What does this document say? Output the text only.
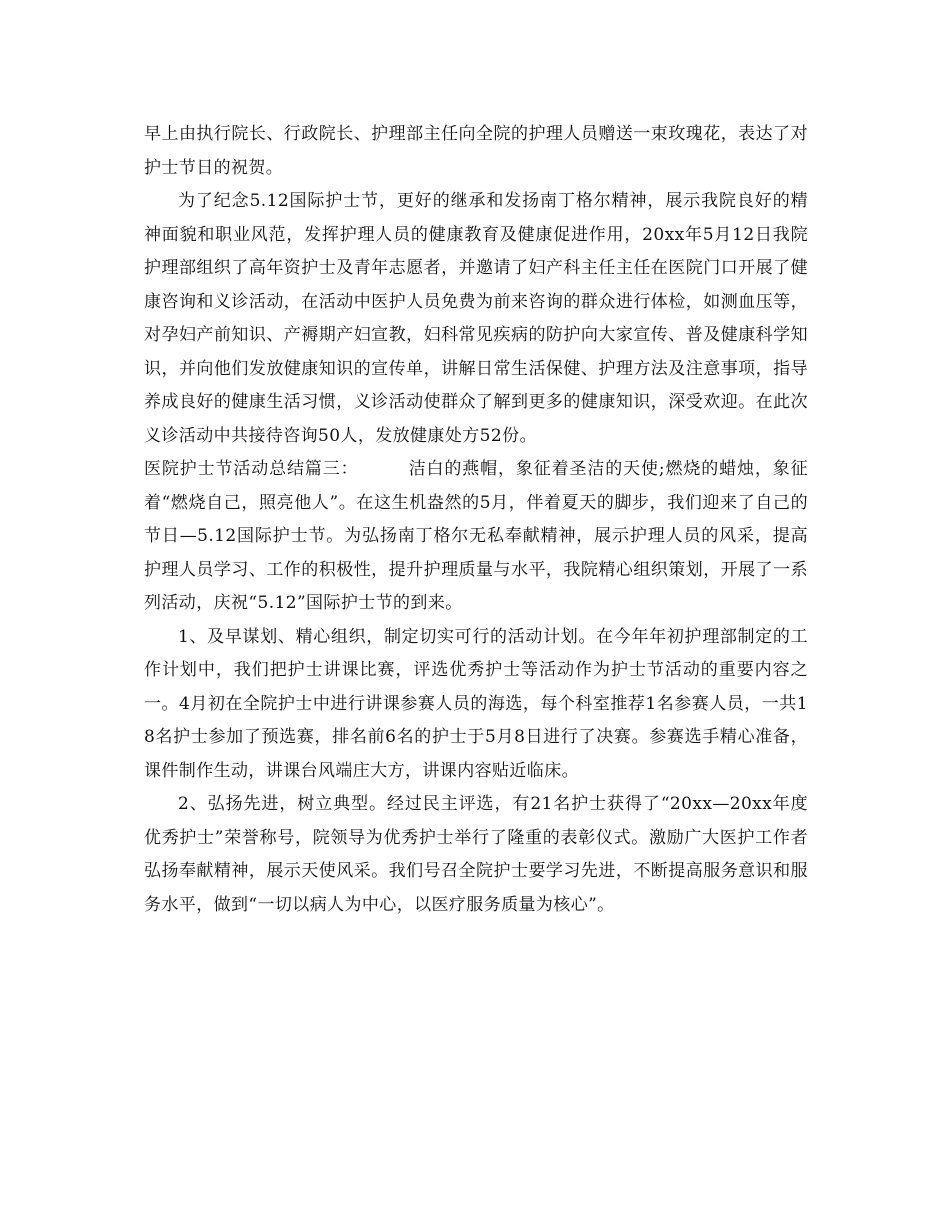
早上由执行院长、行政院长、护理部主任向全院的护理人员赠送一束玫瑰花，表达了对护士节日的祝贺。

为了纪念5.12国际护士节，更好的继承和发扬南丁格尔精神，展示我院良好的精神面貌和职业风范，发挥护理人员的健康教育及健康促进作用，20xx年5月12日我院护理部组织了高年资护士及青年志愿者，并邀请了妇产科主任主任在医院门口开展了健康咨询和义诊活动，在活动中医护人员免费为前来咨询的群众进行体检，如测血压等，对孕妇产前知识、产褥期产妇宣教，妇科常见疾病的防护向大家宣传、普及健康科学知识，并向他们发放健康知识的宣传单，讲解日常生活保健、护理方法及注意事项，指导养成良好的健康生活习惯，义诊活动使群众了解到更多的健康知识，深受欢迎。在此次义诊活动中共接待咨询50人，发放健康处方52份。

医院护士节活动总结篇三：	洁白的燕帽，象征着圣洁的天使;燃烧的蜡烛，象征着“燃烧自己，照亮他人”。在这生机盎然的5月，伴着夏天的脚步，我们迎来了自己的节日—5.12国际护士节。为弘扬南丁格尔无私奉献精神，展示护理人员的风采，提高护理人员学习、工作的积极性，提升护理质量与水平，我院精心组织策划，开展了一系列活动，庆祝“5.12”国际护士节的到来。

1、及早谋划、精心组织，制定切实可行的活动计划。在今年年初护理部制定的工作计划中，我们把护士讲课比赛，评选优秀护士等活动作为护士节活动的重要内容之一。4月初在全院护士中进行讲课参赛人员的海选，每个科室推荐1名参赛人员，一共18名护士参加了预选赛，排名前6名的护士于5月8日进行了决赛。参赛选手精心准备，课件制作生动，讲课台风端庄大方，讲课内容贴近临床。

2、弘扬先进，树立典型。经过民主评选，有21名护士获得了“20xx—20xx年度优秀护士”荣誉称号，院领导为优秀护士举行了隆重的表彰仪式。激励广大医护工作者弘扬奉献精神，展示天使风采。我们号召全院护士要学习先进，不断提高服务意识和服务水平，做到“一切以病人为中心，以医疗服务质量为核心”。
